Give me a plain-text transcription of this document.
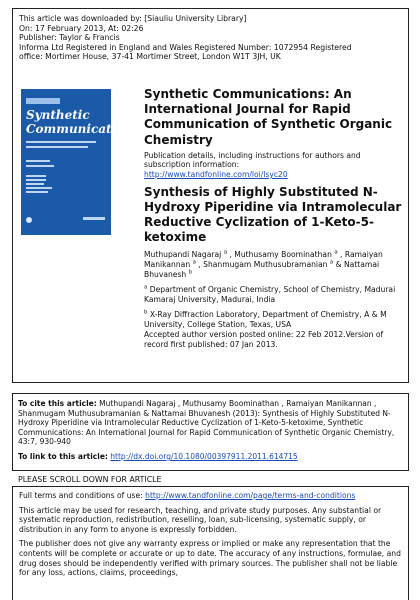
This article was downloaded by: [Siauliu University Library]
On: 17 February 2013, At: 02:26
Publisher: Taylor & Francis
Informa Ltd Registered in England and Wales Registered Number: 1072954 Registered
office: Mortimer House, 37-41 Mortimer Street, London W1T 3JH, UK
Synthetic
Communications:
Synthetic Communications: An International Journal for Rapid Communication of Synthetic Organic Chemistry
Publication details, including instructions for authors and subscription information:
http://www.tandfonline.com/loi/lsyc20
Synthesis of Highly Substituted N-Hydroxy Piperidine via Intramolecular Reductive Cyclization of 1-Keto-5-ketoxime
Muthupandi Nagaraj $^a$ , Muthusamy Boominathan $^a$ , Ramaiyan Manikannan $^a$ , Shanmugam Muthusubramanian $^a$ & Nattamai Bhuvanesh $^b$
$^a$ Department of Organic Chemistry, School of Chemistry, Madurai Kamaraj University, Madurai, India
$^b$ X-Ray Diffraction Laboratory, Department of Chemistry, A & M University, College Station, Texas, USA
Accepted author version posted online: 22 Feb 2012.Version of record first published: 07 Jan 2013.
To cite this article: Muthupandi Nagaraj , Muthusamy Boominathan , Ramaiyan Manikannan , Shanmugam Muthusubramanian & Nattamai Bhuvanesh (2013): Synthesis of Highly Substituted N-Hydroxy Piperidine via Intramolecular Reductive Cyclization of 1-Keto-5-ketoxime, Synthetic Communications: An International Journal for Rapid Communication of Synthetic Organic Chemistry, 43:7, 930-940
To link to this article: http://dx.doi.org/10.1080/00397911.2011.614715
PLEASE SCROLL DOWN FOR ARTICLE

Full terms and conditions of use: http://www.tandfonline.com/page/terms-and-conditions

This article may be used for research, teaching, and private study purposes. Any substantial or systematic reproduction, redistribution, reselling, loan, sub-licensing, systematic supply, or distribution in any form to anyone is expressly forbidden.

The publisher does not give any warranty express or implied or make any representation that the contents will be complete or accurate or up to date. The accuracy of any instructions, formulae, and drug doses should be independently verified with primary sources. The publisher shall not be liable for any loss, actions, claims, proceedings,
